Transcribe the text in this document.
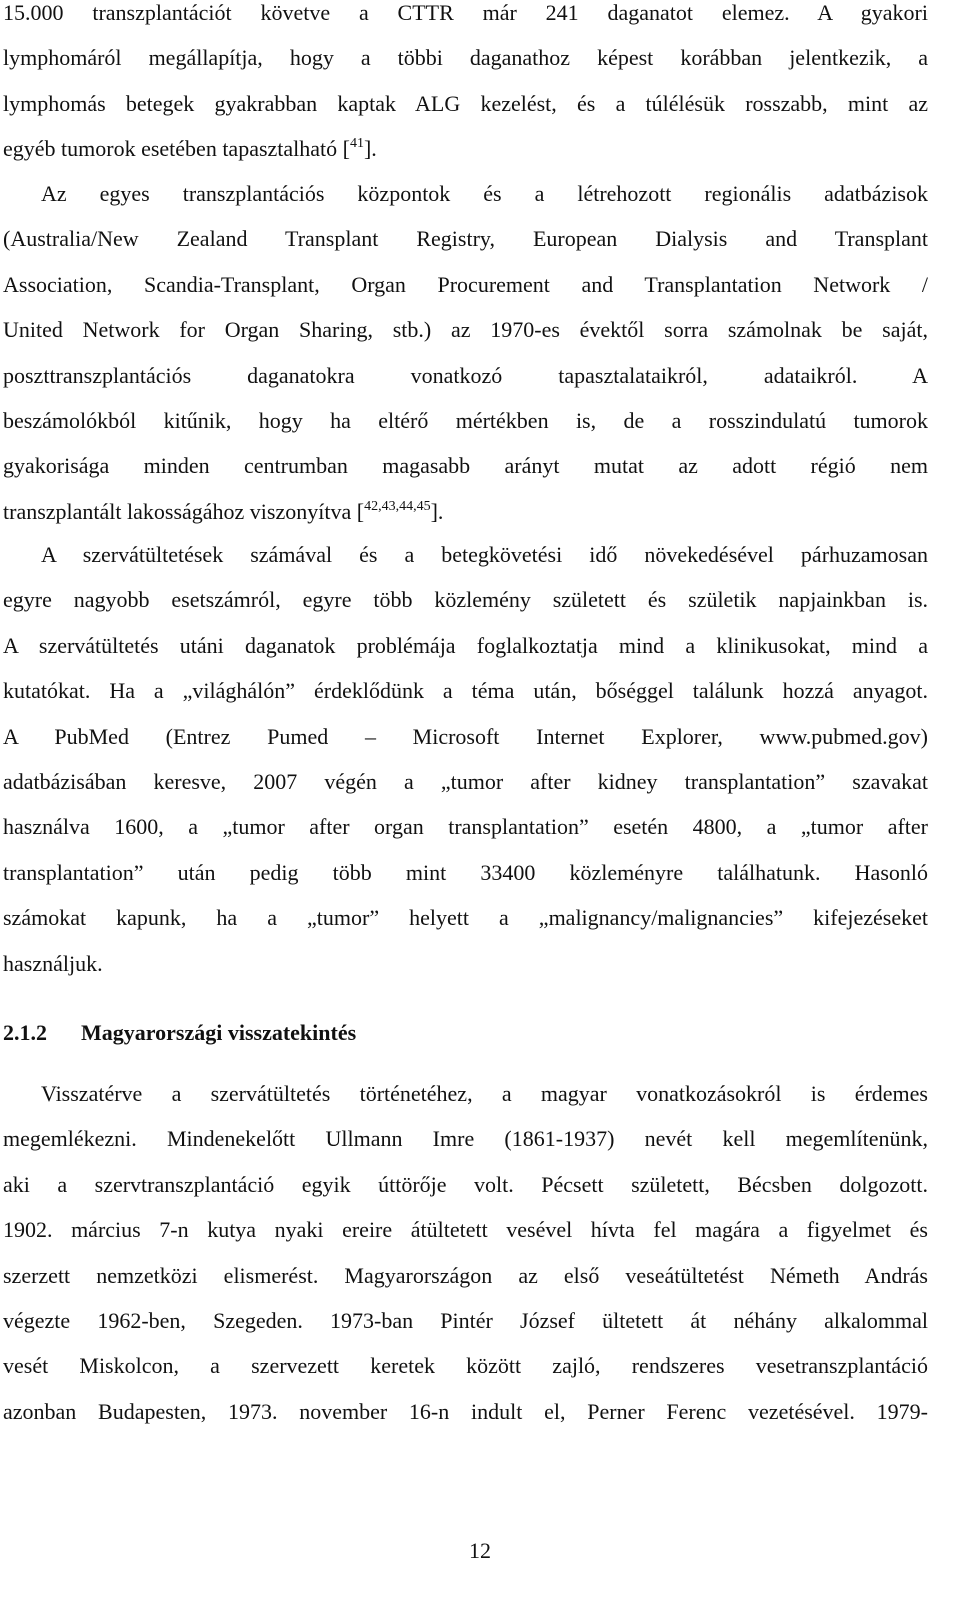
15.000 transzplantációt követve a CTTR már 241 daganatot elemez. A gyakori
lymphomáról megállapítja, hogy a többi daganathoz képest korábban jelentkezik, a
lymphomás betegek gyakrabban kaptak ALG kezelést, és a túlélésük rosszabb, mint az
egyéb tumorok esetében tapasztalható [$^{41}$].
Az egyes transzplantációs központok és a létrehozott regionális adatbázisok
(Australia/New Zealand Transplant Registry, European Dialysis and Transplant
Association, Scandia-Transplant, Organ Procurement and Transplantation Network /
United Network for Organ Sharing, stb.) az 1970-es évektől sorra számolnak be saját,
poszttranszplantációs daganatokra vonatkozó tapasztalataikról, adataikról. A
beszámolókból kitűnik, hogy ha eltérő mértékben is, de a rosszindulatú tumorok
gyakorisága minden centrumban magasabb arányt mutat az adott régió nem
transzplantált lakosságához viszonyítva [$^{42,43,44,45}$].
A szervátültetések számával és a betegkövetési idő növekedésével párhuzamosan
egyre nagyobb esetszámról, egyre több közlemény született és születik napjainkban is.
A szervátültetés utáni daganatok problémája foglalkoztatja mind a klinikusokat, mind a
kutatókat. Ha a „világhálón” érdeklődünk a téma után, bőséggel találunk hozzá anyagot.
A PubMed (Entrez Pumed – Microsoft Internet Explorer, www.pubmed.gov)
adatbázisában keresve, 2007 végén a „tumor after kidney transplantation” szavakat
használva 1600, a „tumor after organ transplantation” esetén 4800, a „tumor after
transplantation” után pedig több mint 33400 közleményre találhatunk. Hasonló
számokat kapunk, ha a „tumor” helyett a „malignancy/malignancies” kifejezéseket
használjuk.
2.1.2 Magyarországi visszatekintés
Visszatérve a szervátültetés történetéhez, a magyar vonatkozásokról is érdemes
megemlékezni. Mindenekelőtt Ullmann Imre (1861-1937) nevét kell megemlítenünk,
aki a szervtranszplantáció egyik úttörője volt. Pécsett született, Bécsben dolgozott.
1902. március 7-n kutya nyaki ereire átültetett vesével hívta fel magára a figyelmet és
szerzett nemzetközi elismerést. Magyarországon az első veseátültetést Németh András
végezte 1962-ben, Szegeden. 1973-ban Pintér József ültetett át néhány alkalommal
vesét Miskolcon, a szervezett keretek között zajló, rendszeres vesetranszplantáció
azonban Budapesten, 1973. november 16-n indult el, Perner Ferenc vezetésével. 1979-
12
